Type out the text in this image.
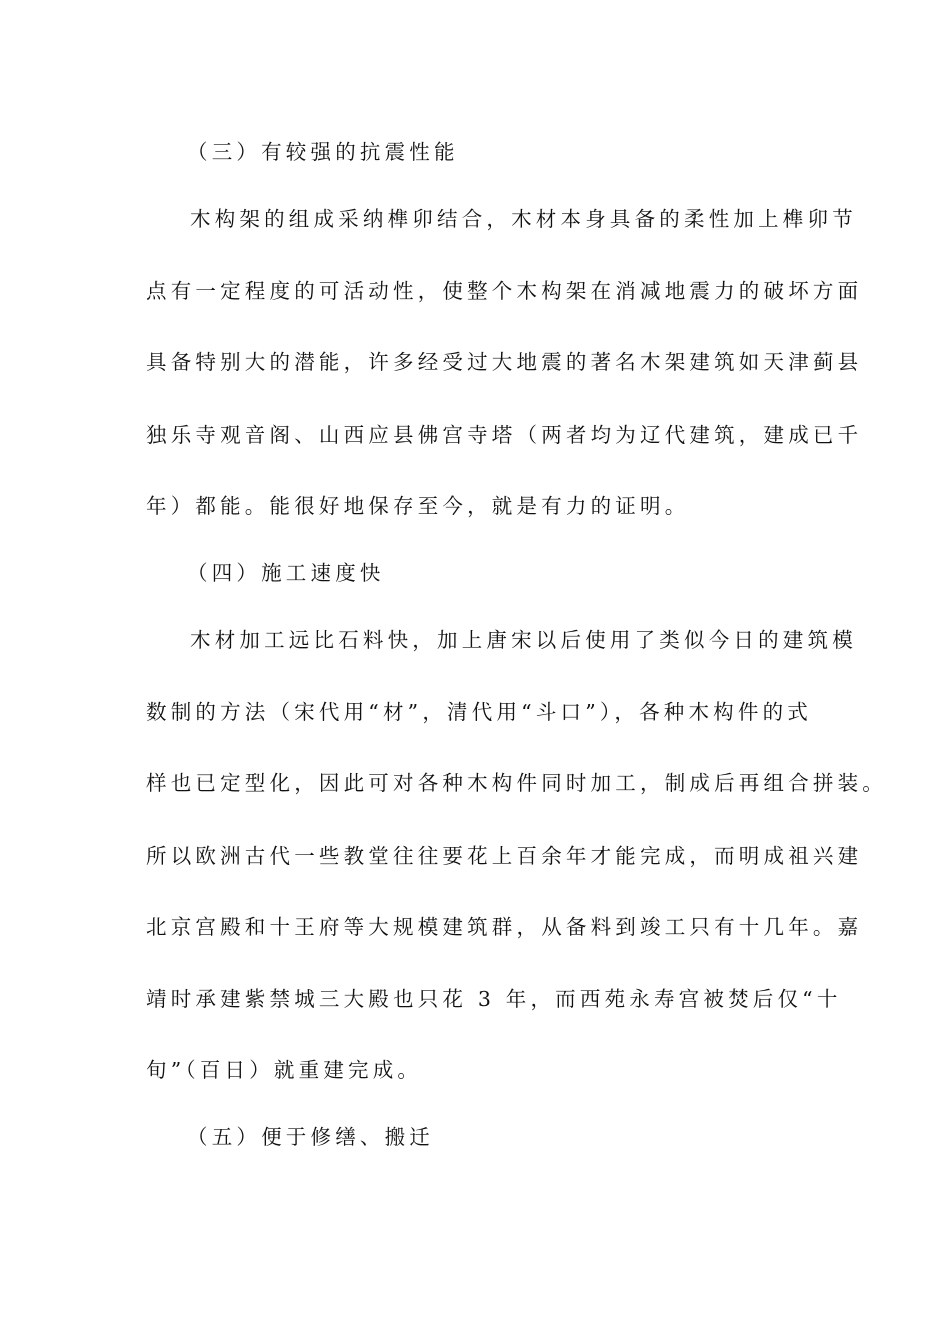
（三）有较强的抗震性能
木构架的组成采纳榫卯结合，木材本身具备的柔性加上榫卯节
点有一定程度的可活动性，使整个木构架在消减地震力的破坏方面
具备特别大的潜能，许多经受过大地震的著名木架建筑如天津蓟县
独乐寺观音阁、山西应县佛宫寺塔（两者均为辽代建筑，建成已千
年）都能。能很好地保存至今，就是有力的证明。
（四）施工速度快
木材加工远比石料快，加上唐宋以后使用了类似今日的建筑模
数制的方法（宋代用“材”，清代用“斗口”），各种木构件的式
样也已定型化，因此可对各种木构件同时加工，制成后再组合拼装。
所以欧洲古代一些教堂往往要花上百余年才能完成，而明成祖兴建
北京宫殿和十王府等大规模建筑群，从备料到竣工只有十几年。嘉
靖时承建紫禁城三大殿也只花 3 年，而西苑永寿宫被焚后仅“十
旬”（百日）就重建完成。
（五）便于修缮、搬迁
